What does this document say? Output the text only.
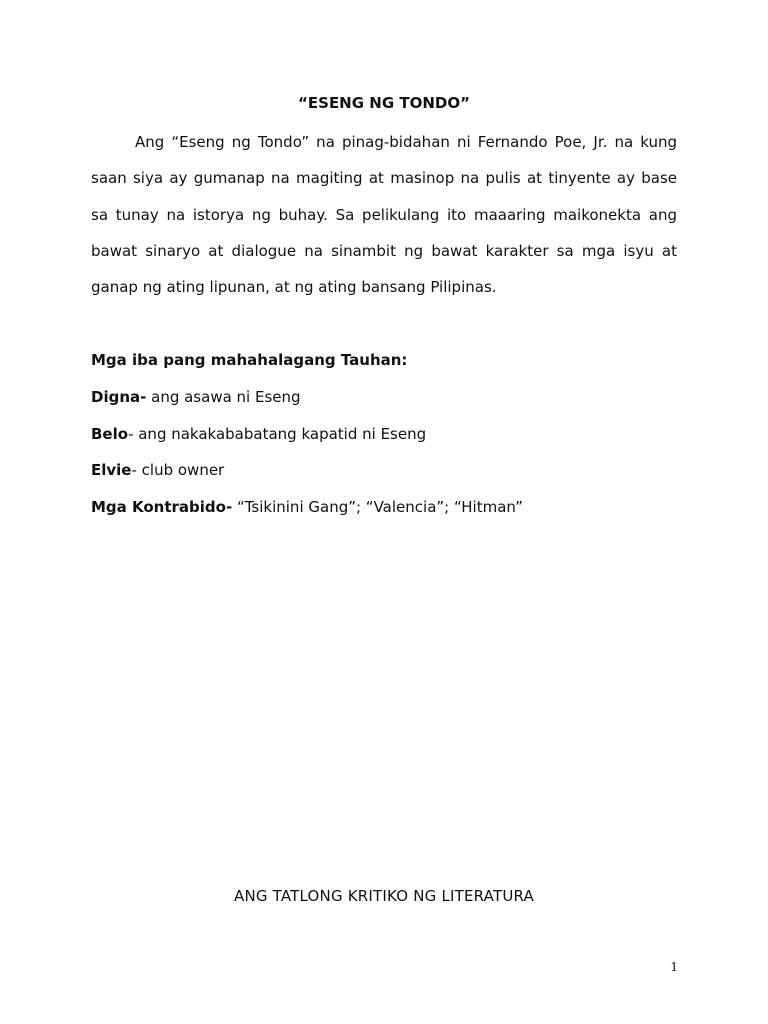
“ESENG NG TONDO”

Ang “Eseng ng Tondo” na pinag-bidahan ni Fernando Poe, Jr. na kung saan siya ay gumanap na magiting at masinop na pulis at tinyente ay base sa tunay na istorya ng buhay. Sa pelikulang ito maaaring maikonekta ang bawat sinaryo at dialogue na sinambit ng bawat karakter sa mga isyu at ganap ng ating lipunan, at ng ating bansang Pilipinas.

Mga iba pang mahahalagang Tauhan:
Digna- ang asawa ni Eseng
Belo- ang nakakababatang kapatid ni Eseng
Elvie- club owner
Mga Kontrabido- “Tsikinini Gang”; “Valencia”; “Hitman”
ANG TATLONG KRITIKO NG LITERATURA
1
